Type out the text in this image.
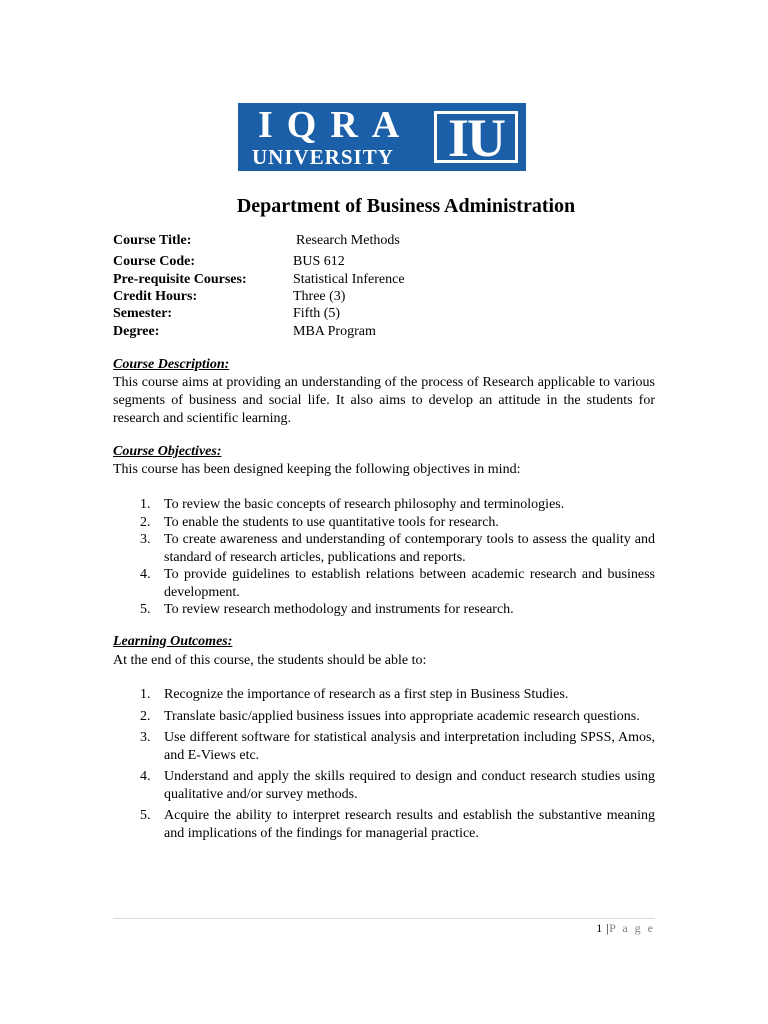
IQRA
UNIVERSITY IU
Department of Business Administration
Course Title:	Research Methods
Course Code:	BUS 612
Pre-requisite Courses:	Statistical Inference
Credit Hours:	Three (3)
Semester:	Fifth (5)
Degree:	MBA Program
Course Description:
This course aims at providing an understanding of the process of Research applicable to various segments of business and social life. It also aims to develop an attitude in the students for research and scientific learning.
Course Objectives:
This course has been designed keeping the following objectives in mind:
1. To review the basic concepts of research philosophy and terminologies.
2. To enable the students to use quantitative tools for research.
3. To create awareness and understanding of contemporary tools to assess the quality and standard of research articles, publications and reports.
4. To provide guidelines to establish relations between academic research and business development.
5. To review research methodology and instruments for research.
Learning Outcomes:
At the end of this course, the students should be able to:
1. Recognize the importance of research as a first step in Business Studies.
2. Translate basic/applied business issues into appropriate academic research questions.
3. Use different software for statistical analysis and interpretation including SPSS, Amos, and E-Views etc.
4. Understand and apply the skills required to design and conduct research studies using qualitative and/or survey methods.
5. Acquire the ability to interpret research results and establish the substantive meaning and implications of the findings for managerial practice.
1 |P a g e
